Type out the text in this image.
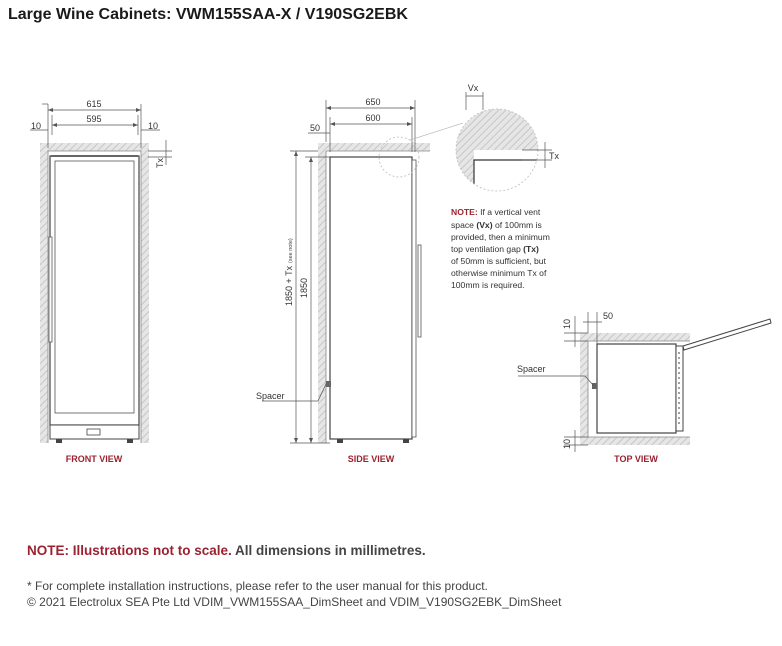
Large Wine Cabinets: VWM155SAA-X / V190SG2EBK
615
595
10	10
Tx
FRONT VIEW
650
600
50
1850 + Tx
(see note)
1850
Spacer
SIDE VIEW
Vx
Tx
NOTE: If a vertical vent
space (Vx) of 100mm is
provided, then a minimum
top ventilation gap (Tx)
of 50mm is sufficient, but
otherwise minimum Tx of
100mm is required.
50
10
10
Spacer
TOP VIEW
NOTE: Illustrations not to scale. All dimensions in millimetres.
* For complete installation instructions, please refer to the user manual for this product.
© 2021 Electrolux SEA Pte Ltd VDIM_VWM155SAA_DimSheet and VDIM_V190SG2EBK_DimSheet
